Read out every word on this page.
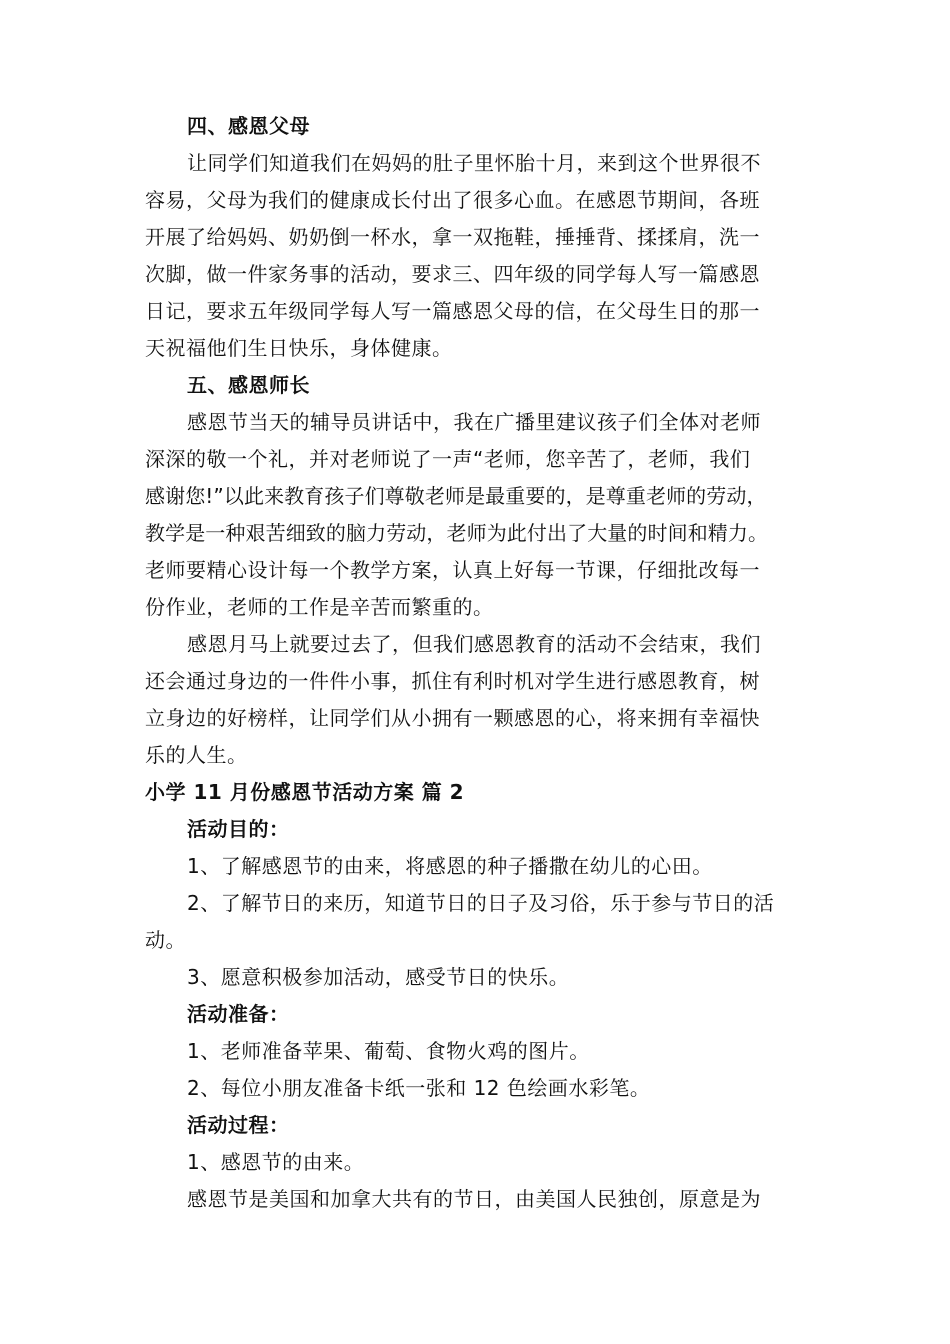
四、感恩父母

让同学们知道我们在妈妈的肚子里怀胎十月，来到这个世界很不

容易，父母为我们的健康成长付出了很多心血。在感恩节期间，各班

开展了给妈妈、奶奶倒一杯水，拿一双拖鞋，捶捶背、揉揉肩，洗一

次脚，做一件家务事的活动，要求三、四年级的同学每人写一篇感恩

日记，要求五年级同学每人写一篇感恩父母的信，在父母生日的那一

天祝福他们生日快乐，身体健康。

五、感恩师长

感恩节当天的辅导员讲话中，我在广播里建议孩子们全体对老师

深深的敬一个礼，并对老师说了一声“老师，您辛苦了，老师，我们

感谢您!”以此来教育孩子们尊敬老师是最重要的，是尊重老师的劳动，

教学是一种艰苦细致的脑力劳动，老师为此付出了大量的时间和精力。

老师要精心设计每一个教学方案，认真上好每一节课，仔细批改每一

份作业，老师的工作是辛苦而繁重的。

感恩月马上就要过去了，但我们感恩教育的活动不会结束，我们

还会通过身边的一件件小事，抓住有利时机对学生进行感恩教育，树

立身边的好榜样，让同学们从小拥有一颗感恩的心，将来拥有幸福快

乐的人生。

小学 11 月份感恩节活动方案 篇 2

活动目的：

1、了解感恩节的由来，将感恩的种子播撒在幼儿的心田。

2、了解节日的来历，知道节日的日子及习俗，乐于参与节日的活

动。

3、愿意积极参加活动，感受节日的快乐。

活动准备：

1、老师准备苹果、葡萄、食物火鸡的图片。

2、每位小朋友准备卡纸一张和 12 色绘画水彩笔。

活动过程：

1、感恩节的由来。

感恩节是美国和加拿大共有的节日，由美国人民独创，原意是为
